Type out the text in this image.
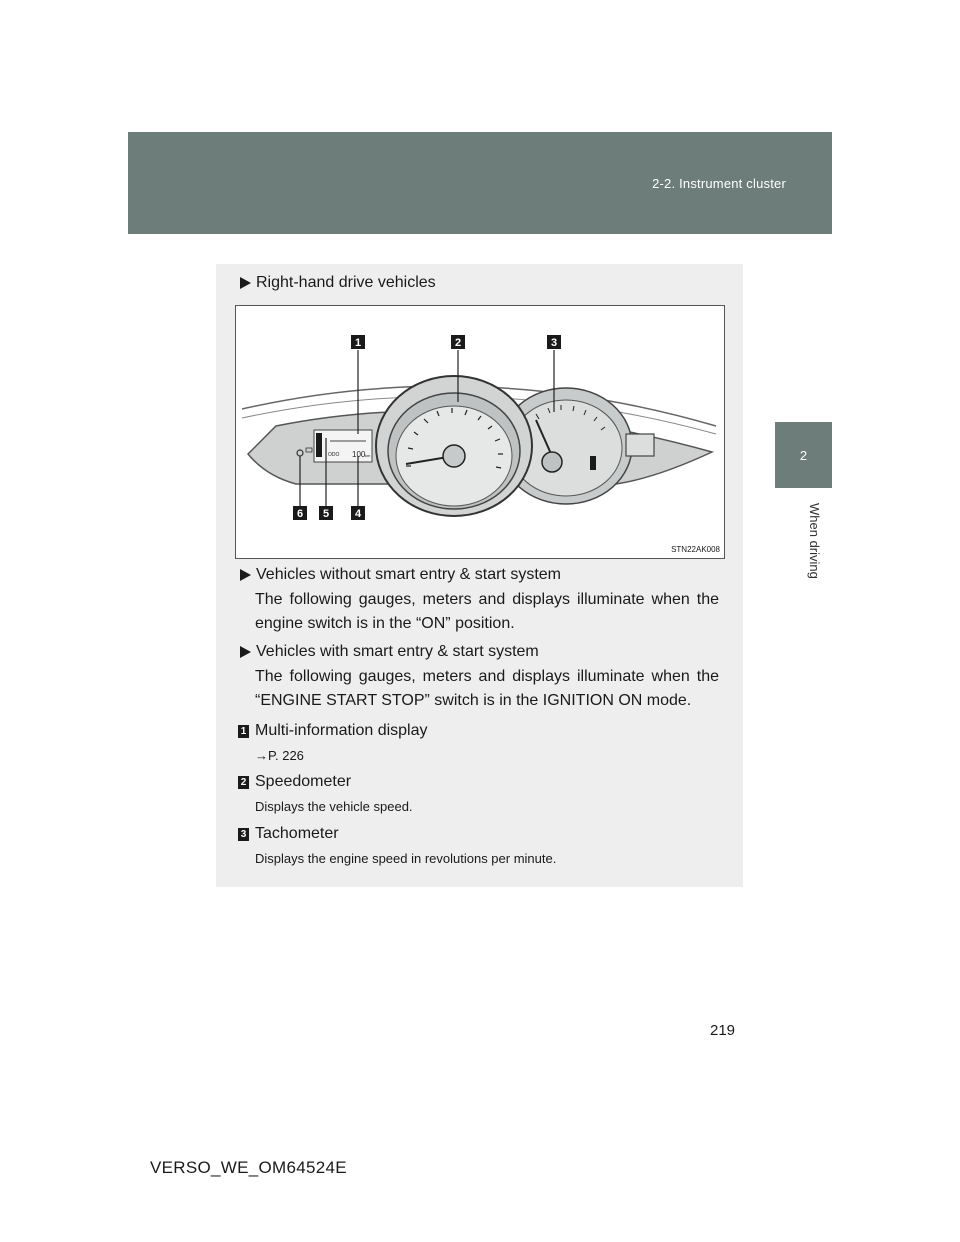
2-2. Instrument cluster
2
When driving
Right-hand drive vehicles
ODO 100 km
1	2	3
4
5
6
STN22AK008
Vehicles without smart entry & start system
The following gauges, meters and displays illuminate when the engine switch is in the “ON” position.
Vehicles with smart entry & start system
The following gauges, meters and displays illuminate when the “ENGINE START STOP” switch is in the IGNITION ON mode.
1 Multi-information display
→P. 226
2 Speedometer
Displays the vehicle speed.
3 Tachometer
Displays the engine speed in revolutions per minute.
219
VERSO_WE_OM64524E
